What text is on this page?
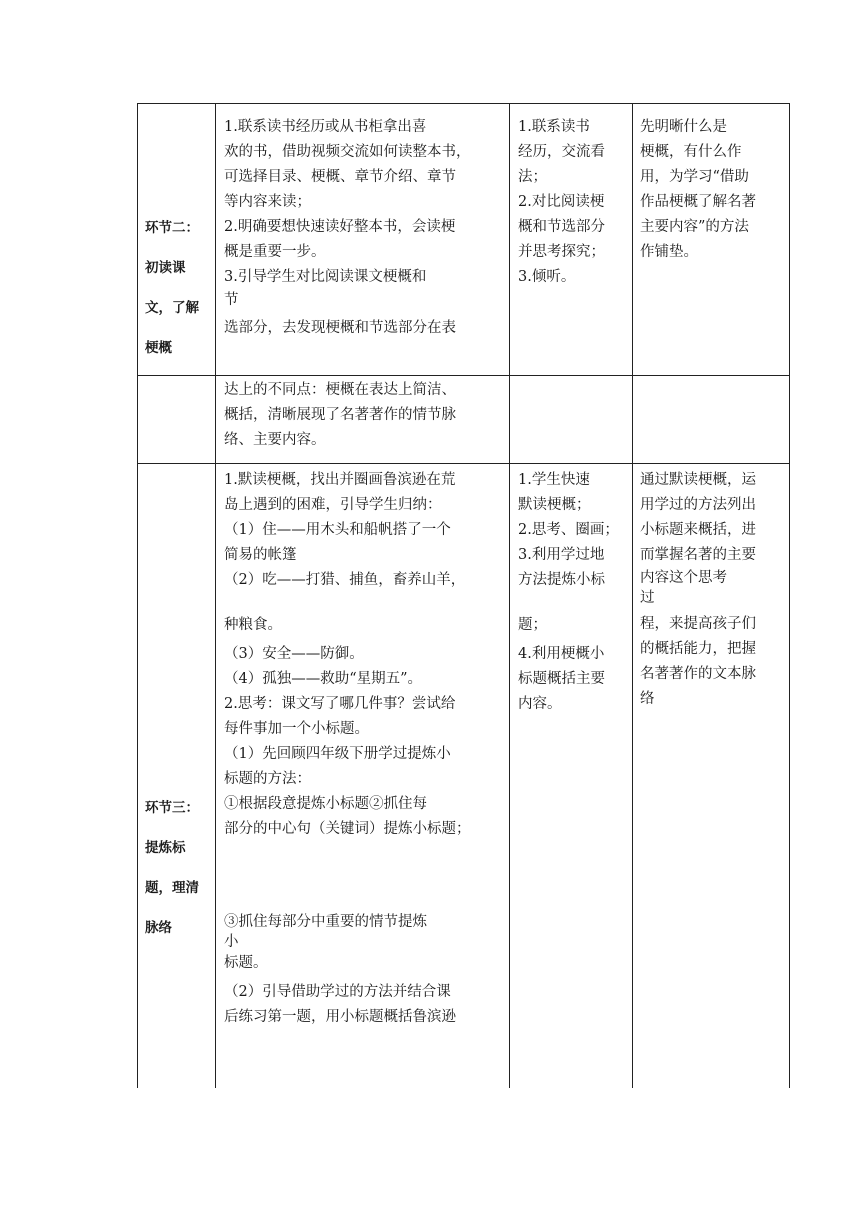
环节二：

初读课

文，了解

梗概

1.联系读书经历或从书柜拿出喜

欢的书，借助视频交流如何读整本书，

可选择目录、梗概、章节介绍、章节

等内容来读；

2.明确要想快速读好整本书，会读梗

概是重要一步。

3.引导学生对比阅读课文梗概和

节

选部分，去发现梗概和节选部分在表

1.联系读书

经历，交流看

法；

2.对比阅读梗

概和节选部分

并思考探究；

3.倾听。

先明晰什么是

梗概，有什么作

用，为学习“借助

作品梗概了解名著

主要内容”的方法

作铺垫。

达上的不同点：梗概在表达上简洁、

概括，清晰展现了名著著作的情节脉

络、主要内容。

环节三：

提炼标

题，理清

脉络

1.默读梗概，找出并圈画鲁滨逊在荒

岛上遇到的困难，引导学生归纳：

（1）住——用木头和船帆搭了一个

简易的帐篷

（2）吃——打猎、捕鱼，畜养山羊，

种粮食。

（3）安全——防御。

（4）孤独——救助“星期五”。

2.思考：课文写了哪几件事？尝试给

每件事加一个小标题。

（1）先回顾四年级下册学过提炼小

标题的方法：

①根据段意提炼小标题②抓住每

部分的中心句（关键词）提炼小标题；

③抓住每部分中重要的情节提炼

小

标题。

（2）引导借助学过的方法并结合课

后练习第一题，用小标题概括鲁滨逊

1.学生快速

默读梗概；

2.思考、圈画；

3.利用学过地

方法提炼小标

题；

4.利用梗概小

标题概括主要

内容。

通过默读梗概，运

用学过的方法列出

小标题来概括，进

而掌握名著的主要

内容这个思考

过

程，来提高孩子们

的概括能力，把握

名著著作的文本脉

络
